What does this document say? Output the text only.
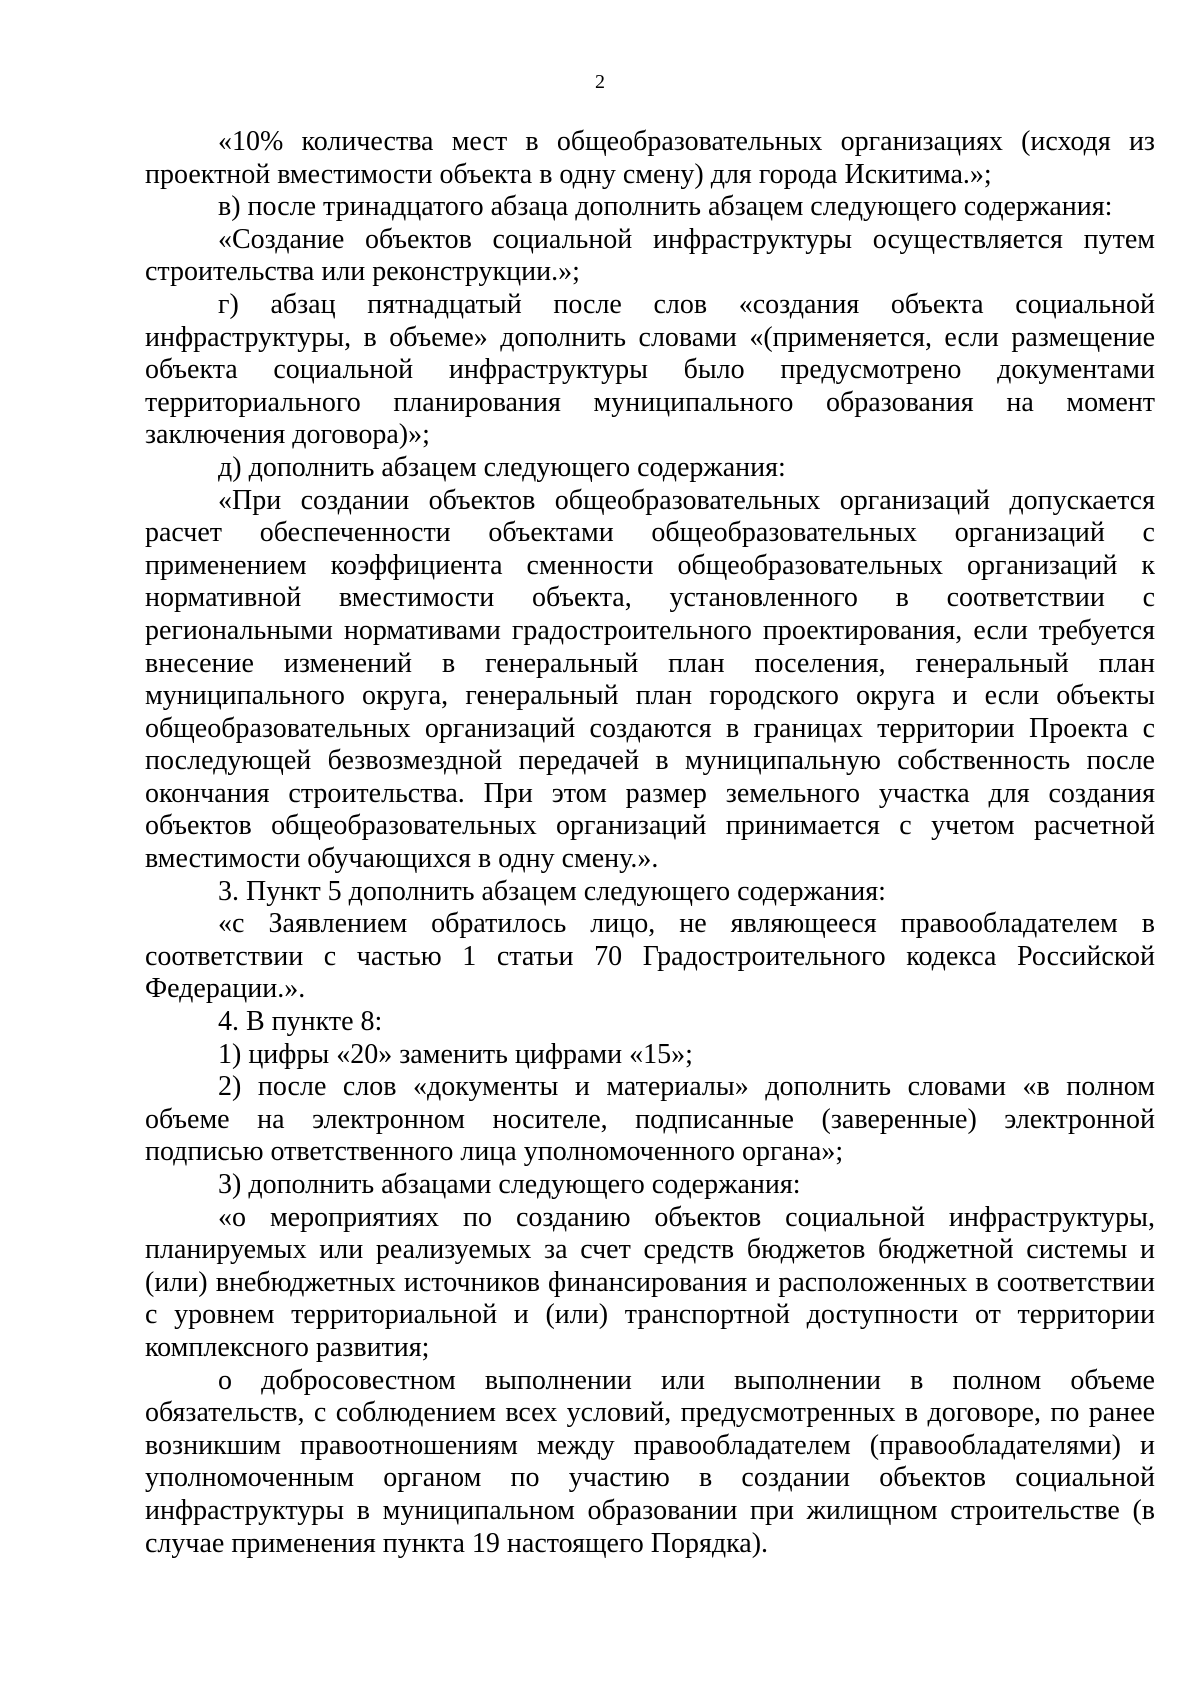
2

«10% количества мест в общеобразовательных организациях (исходя из проектной вместимости объекта в одну смену) для города Искитима.»;

в) после тринадцатого абзаца дополнить абзацем следующего содержания:

«Создание объектов социальной инфраструктуры осуществляется путем строительства или реконструкции.»;

г) абзац пятнадцатый после слов «создания объекта социальной инфраструктуры, в объеме» дополнить словами «(применяется, если размещение объекта социальной инфраструктуры было предусмотрено документами территориального планирования муниципального образования на момент заключения договора)»;

д) дополнить абзацем следующего содержания:

«При создании объектов общеобразовательных организаций допускается расчет обеспеченности объектами общеобразовательных организаций с применением коэффициента сменности общеобразовательных организаций к нормативной вместимости объекта, установленного в соответствии с региональными нормативами градостроительного проектирования, если требуется внесение изменений в генеральный план поселения, генеральный план муниципального округа, генеральный план городского округа и если объекты общеобразовательных организаций создаются в границах территории Проекта с последующей безвозмездной передачей в муниципальную собственность после окончания строительства. При этом размер земельного участка для создания объектов общеобразовательных организаций принимается с учетом расчетной вместимости обучающихся в одну смену.».

3. Пункт 5 дополнить абзацем следующего содержания:

«с Заявлением обратилось лицо, не являющееся правообладателем в соответствии с частью 1 статьи 70 Градостроительного кодекса Российской Федерации.».

4. В пункте 8:

1) цифры «20» заменить цифрами «15»;

2) после слов «документы и материалы» дополнить словами «в полном объеме на электронном носителе, подписанные (заверенные) электронной подписью ответственного лица уполномоченного органа»;

3) дополнить абзацами следующего содержания:

«о мероприятиях по созданию объектов социальной инфраструктуры, планируемых или реализуемых за счет средств бюджетов бюджетной системы и (или) внебюджетных источников финансирования и расположенных в соответствии с уровнем территориальной и (или) транспортной доступности от территории комплексного развития;

о добросовестном выполнении или выполнении в полном объеме обязательств, с соблюдением всех условий, предусмотренных в договоре, по ранее возникшим правоотношениям между правообладателем (правообладателями) и уполномоченным органом по участию в создании объектов социальной инфраструктуры в муниципальном образовании при жилищном строительстве (в случае применения пункта 19 настоящего Порядка).
